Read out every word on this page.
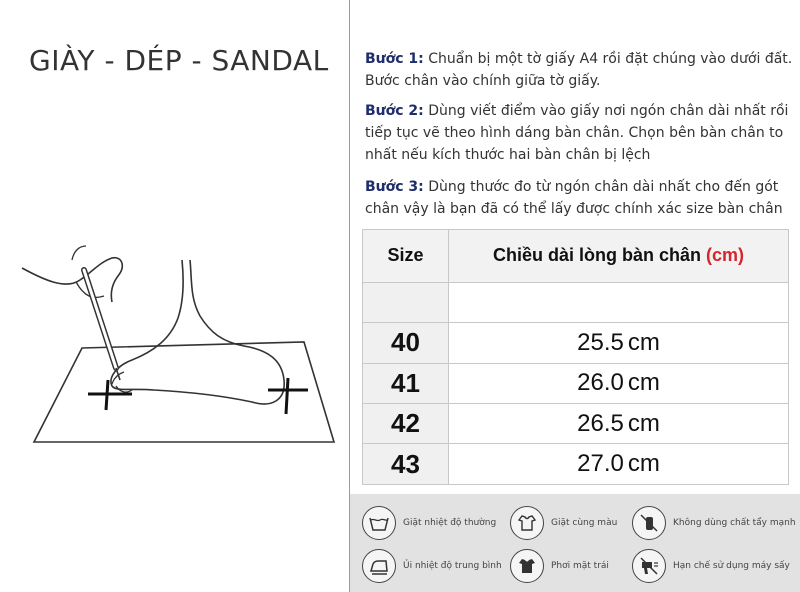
GIÀY - DÉP - SANDAL	Bước 1: Chuẩn bị một tờ giấy A4 rồi đặt chúng vào dưới đất. Bước chân vào chính giữa tờ giấy.
Bước 2: Dùng viết điểm vào giấy nơi ngón chân dài nhất rồi tiếp tục vẽ theo hình dáng bàn chân. Chọn bên bàn chân to nhất nếu kích thước hai bàn chân bị lệch
Bước 3: Dùng thước đo từ ngón chân dài nhất cho đến gót chân vậy là bạn đã có thể lấy được chính xác size bàn chân
Size	Chiều dài lòng bàn chân (cm)

40	25.5 cm
41	26.0 cm
42	26.5 cm
43	27.0 cm
Giặt nhiệt độ thường	Giặt cùng màu	Không dùng chất tẩy mạnh
Ủi nhiệt độ trung bình	Phơi mặt trái	Hạn chế sử dụng máy sấy
